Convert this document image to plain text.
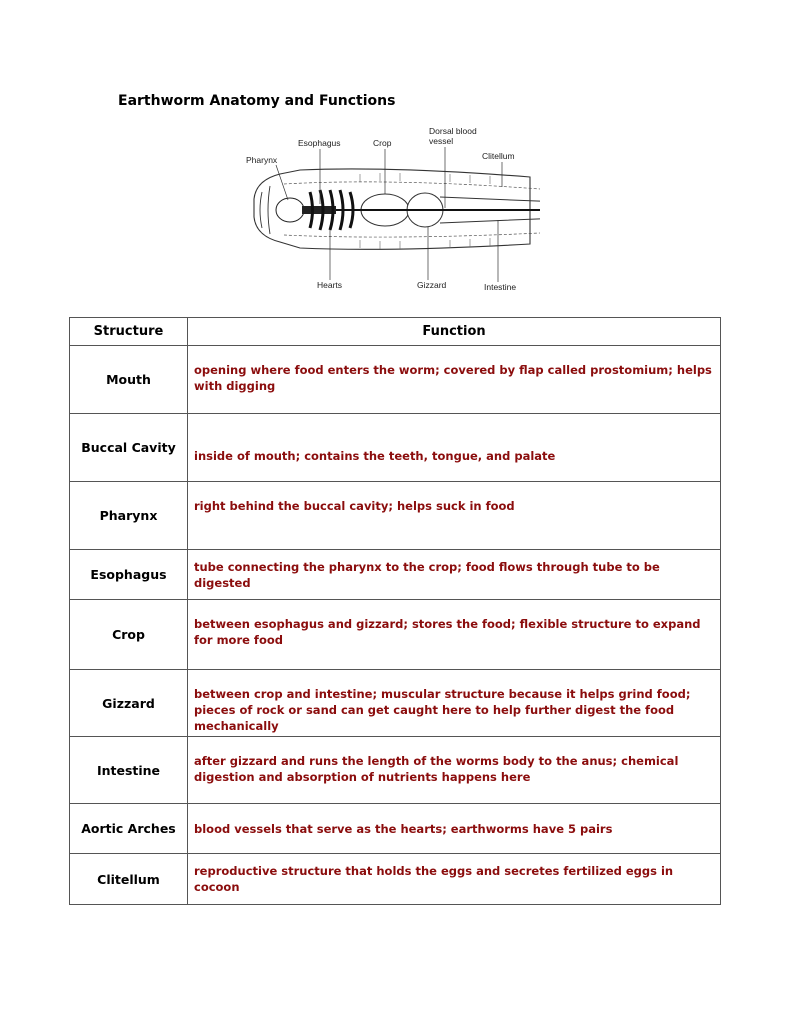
Earthworm Anatomy and Functions
Pharynx
Esophagus	Crop
Dorsal blood
vessel
Clitellum
Hearts	Gizzard	Intestine
Structure	Function
Mouth	opening where food enters the worm; covered by flap called prostomium; helps with digging
Buccal Cavity	inside of mouth; contains the teeth, tongue, and palate
Pharynx	right behind the buccal cavity; helps suck in food
Esophagus	tube connecting the pharynx to the crop; food flows through tube to be digested
Crop	between esophagus and gizzard; stores the food; flexible structure to expand for more food
Gizzard	between crop and intestine; muscular structure because it helps grind food; pieces of rock or sand can get caught here to help further digest the food mechanically
Intestine	after gizzard and runs the length of the worms body to the anus; chemical digestion and absorption of nutrients happens here
Aortic Arches	blood vessels that serve as the hearts; earthworms have 5 pairs
Clitellum	reproductive structure that holds the eggs and secretes fertilized eggs in cocoon
